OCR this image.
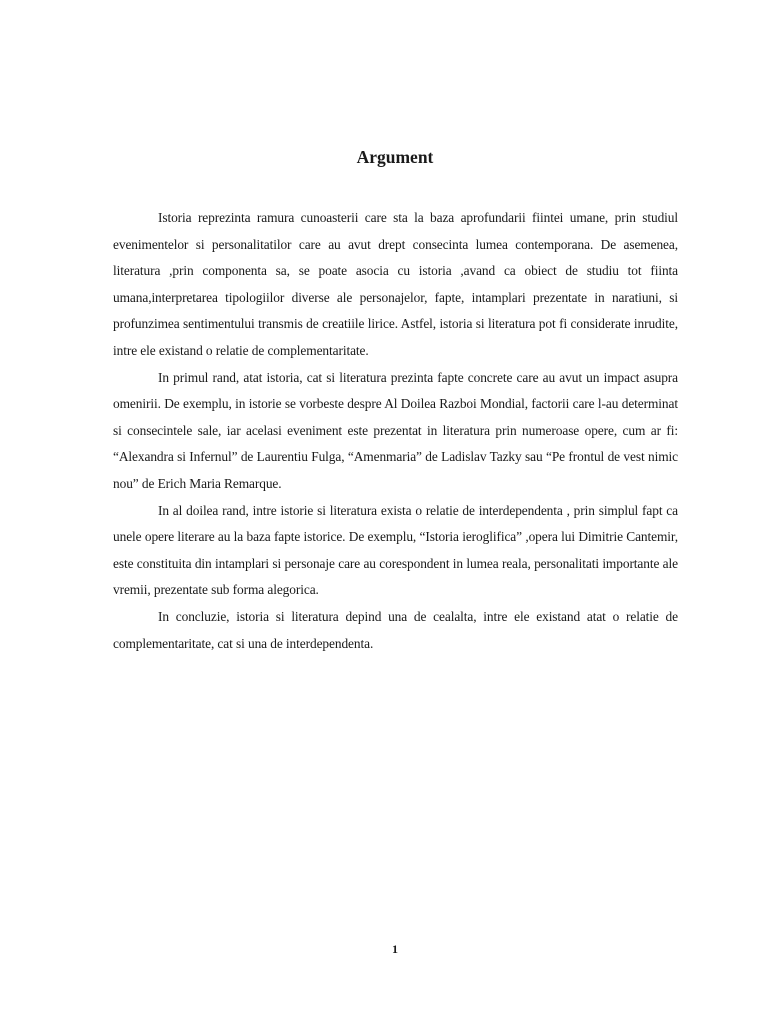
Argument

Istoria reprezinta ramura cunoasterii care sta la baza aprofundarii fiintei umane, prin studiul evenimentelor si personalitatilor care au avut drept consecinta lumea contemporana. De asemenea, literatura ,prin componenta sa, se poate asocia cu istoria ,avand ca obiect de studiu tot fiinta umana,interpretarea tipologiilor diverse ale personajelor, fapte, intamplari prezentate in naratiuni, si profunzimea sentimentului transmis de creatiile lirice. Astfel, istoria si literatura pot fi considerate inrudite, intre ele existand o relatie de complementaritate.

In primul rand, atat istoria, cat si literatura prezinta fapte concrete care au avut un impact asupra omenirii. De exemplu, in istorie se vorbeste despre Al Doilea Razboi Mondial, factorii care l-au determinat si consecintele sale, iar acelasi eveniment este prezentat in literatura prin numeroase opere, cum ar fi: “Alexandra si Infernul” de Laurentiu Fulga, “Amenmaria” de Ladislav Tazky sau “Pe frontul de vest nimic nou” de Erich Maria Remarque.

In al doilea rand, intre istorie si literatura exista o relatie de interdependenta , prin simplul fapt ca unele opere literare au la baza fapte istorice. De exemplu, “Istoria ieroglifica” ,opera lui Dimitrie Cantemir, este constituita din intamplari si personaje care au corespondent in lumea reala, personalitati importante ale vremii, prezentate sub forma alegorica.

In concluzie, istoria si literatura depind una de cealalta, intre ele existand atat o relatie de complementaritate, cat si una de interdependenta.

1
